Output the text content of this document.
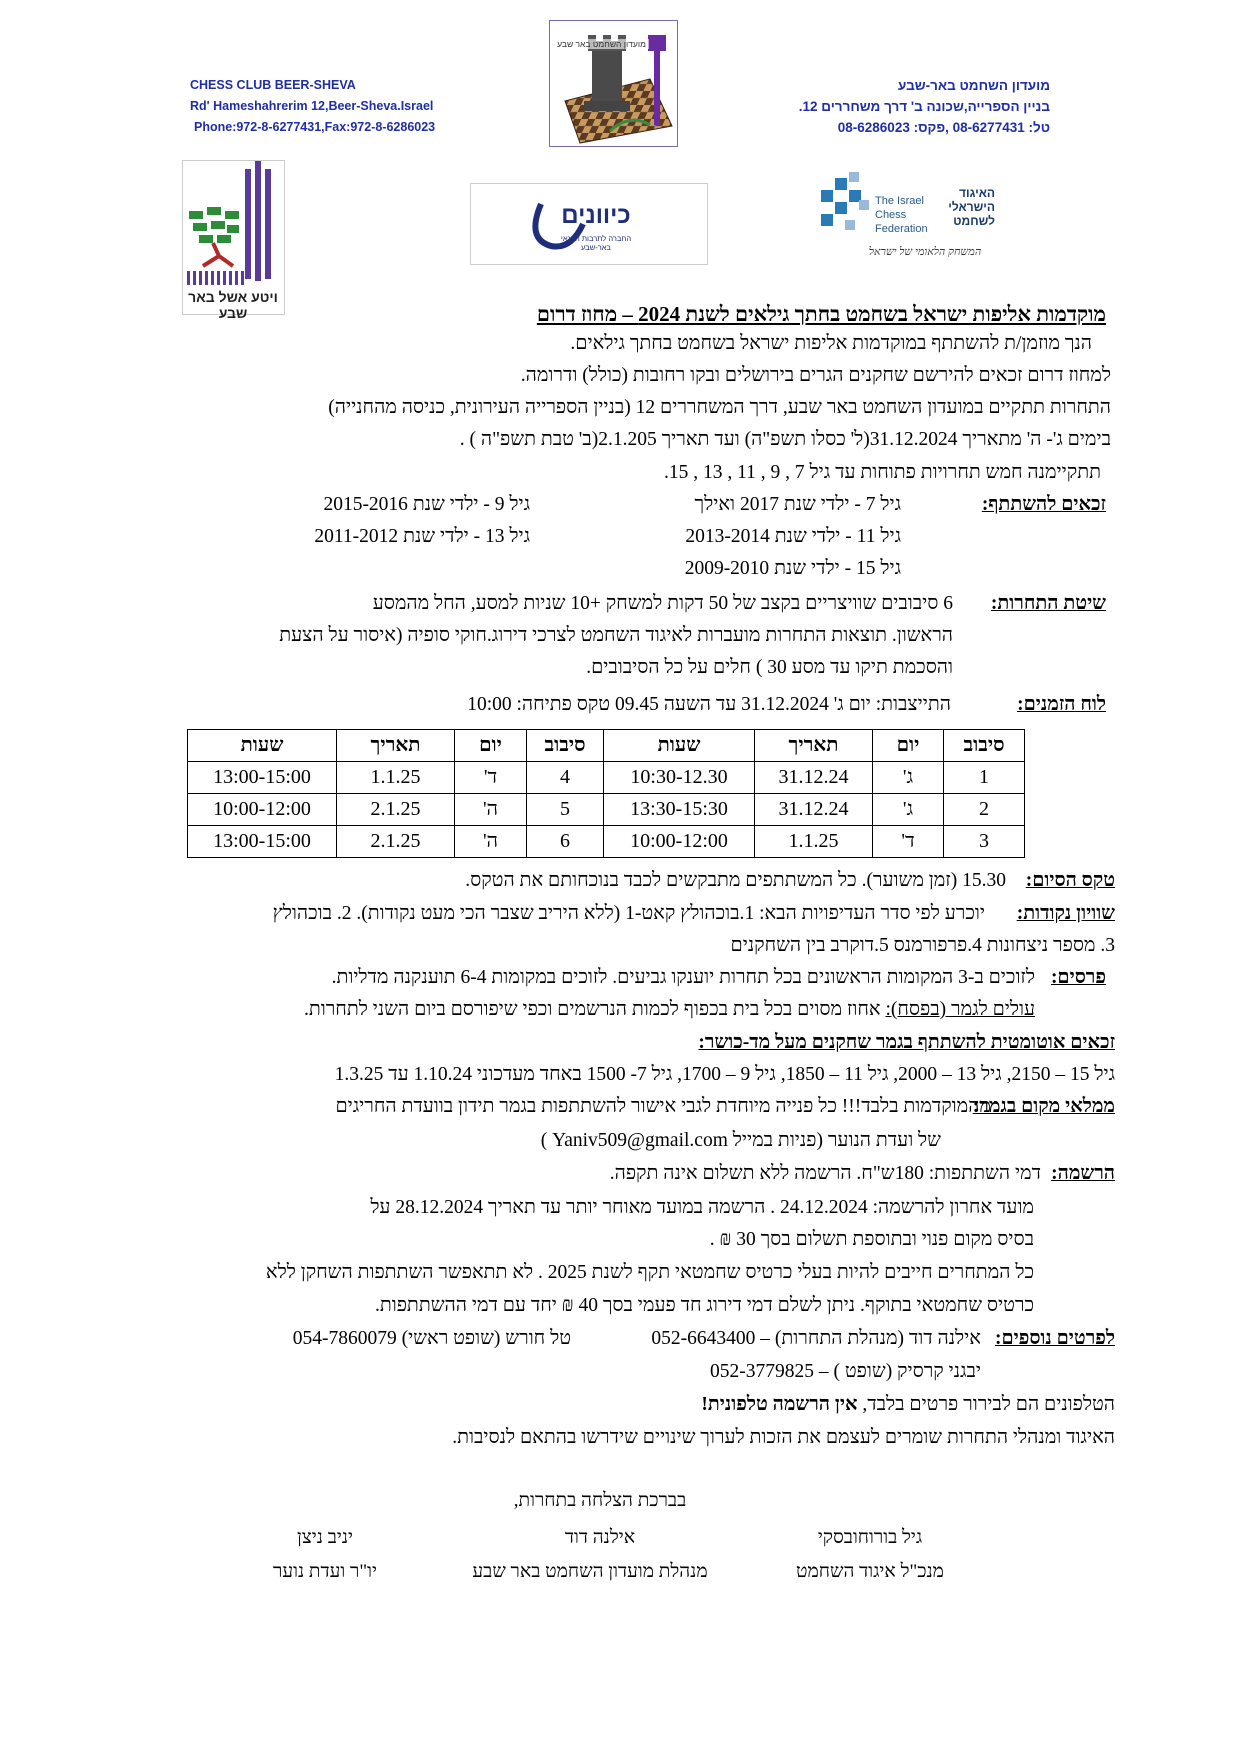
CHESS CLUB BEER-SHEVA
Rd' Hameshahrerim 12,Beer-Sheva.Israel
Phone:972-8-6277431,Fax:972-8-6286023
מועדון השחמט באר-שבע
בניין הספרייה,שכונה ב' דרך משחררים 12.
טל: 08-6277431 ,פקס: 08-6286023
מועדון השחמט באר שבע
ויטע אשל באר שבע
כיוונים
החברה לתרבות הפנאי באר-שבע
The Israel Chess Federation
האיגוד הישראלי לשחמט
המשחק הלאומי של ישראל
מוקדמות אליפות ישראל בשחמט בחתך גילאים לשנת 2024 – מחוז דרום
הנך מוזמן/ת להשתתף במוקדמות אליפות ישראל בשחמט בחתך גילאים.
למחוז דרום זכאים להירשם שחקנים הגרים בירושלים ובקו רחובות (כולל) ודרומה.
התחרות תתקיים במועדון השחמט באר שבע, דרך המשחררים 12 (בניין הספרייה העירונית, כניסה מהחנייה)
בימים ג'- ה' מתאריך 31.12.2024(ל' כסלו תשפ"ה) ועד תאריך 2.1.205(ב' טבת תשפ"ה ) .
תתקיימנה חמש תחרויות פתוחות עד גיל 7 , 9 , 11 , 13 , 15.
זכאים להשתתף:
גיל 7 - ילדי שנת 2017 ואילך
גיל 9 - ילדי שנת 2015-2016
גיל 11 - ילדי שנת 2013-2014
גיל 13 - ילדי שנת 2011-2012
גיל 15 - ילדי שנת 2009-2010
שיטת התחרות:
6 סיבובים שוויצריים בקצב של 50 דקות למשחק +10 שניות למסע, החל מהמסע
הראשון. תוצאות התחרות מועברות לאיגוד השחמט לצרכי דירוג.חוקי סופיה (איסור על הצעת
והסכמת תיקו עד מסע 30 ) חלים על כל הסיבובים.
לוח הזמנים:
התייצבות: יום ג' 31.12.2024 עד השעה 09.45 טקס פתיחה: 10:00
סיבוב	יום	תאריך	שעות	סיבוב	יום	תאריך	שעות
1	ג'	31.12.24	10:30-12.30	4	ד'	1.1.25	13:00-15:00
2	ג'	31.12.24	13:30-15:30	5	ה'	2.1.25	10:00-12:00
3	ד'	1.1.25	10:00-12:00	6	ה'	2.1.25	13:00-15:00
טקס הסיום:
15.30 (זמן משוער). כל המשתתפים מתבקשים לכבד בנוכחותם את הטקס.
שוויון נקודות:
יוכרע לפי סדר העדיפויות הבא: 1.בוכהולץ קאט-1 (ללא היריב שצבר הכי מעט נקודות). 2. בוכהולץ
3. מספר ניצחונות 4.פרפורמנס 5.דוקרב בין השחקנים
פרסים:
לזוכים ב-3 המקומות הראשונים בכל תחרות יוענקו גביעים. לזוכים במקומות 6-4 תוענקנה מדליות.
עולים לגמר (בפסח): אחוז מסוים בכל בית בכפוף לכמות הנרשמים וכפי שיפורסם ביום השני לתחרות.
זכאים אוטומטית להשתתף בגמר שחקנים מעל מד-כושר:
גיל 15 – 2150, גיל 13 – 2000, גיל 11 – 1850, גיל 9 – 1700, גיל 7- 1500 באחד מעדכוני 1.10.24 עד 1.3.25
ממלאי מקום בגמר:
מהמוקדמות בלבד!!! כל פנייה מיוחדת לגבי אישור להשתתפות בגמר תידון בוועדת החריגים
של ועדת הנוער (פניות במייל Yaniv509@gmail.com )
הרשמה:
דמי השתתפות: 180ש"ח. הרשמה ללא תשלום אינה תקפה.
מועד אחרון להרשמה: 24.12.2024 . הרשמה במועד מאוחר יותר עד תאריך 28.12.2024 על
בסיס מקום פנוי ובתוספת תשלום בסך 30 ₪ .
כל המתחרים חייבים להיות בעלי כרטיס שחמטאי תקף לשנת 2025 . לא תתאפשר השתתפות השחקן ללא
כרטיס שחמטאי בתוקף. ניתן לשלם דמי דירוג חד פעמי בסך 40 ₪ יחד עם דמי ההשתתפות.
לפרטים נוספים:
אילנה דוד (מנהלת התחרות) – 052-6643400
טל חורש (שופט ראשי) 054-7860079
יבגני קרסיק (שופט ) – 052-3779825
הטלפונים הם לבירור פרטים בלבד, אין הרשמה טלפונית!
האיגוד ומנהלי התחרות שומרים לעצמם את הזכות לערוך שינויים שידרשו בהתאם לנסיבות.
בברכת הצלחה בתחרות,
גיל בורוחובסקי
מנכ"ל איגוד השחמט
אילנה דוד
מנהלת מועדון השחמט באר שבע
יניב ניצן
יו"ר ועדת נוער
